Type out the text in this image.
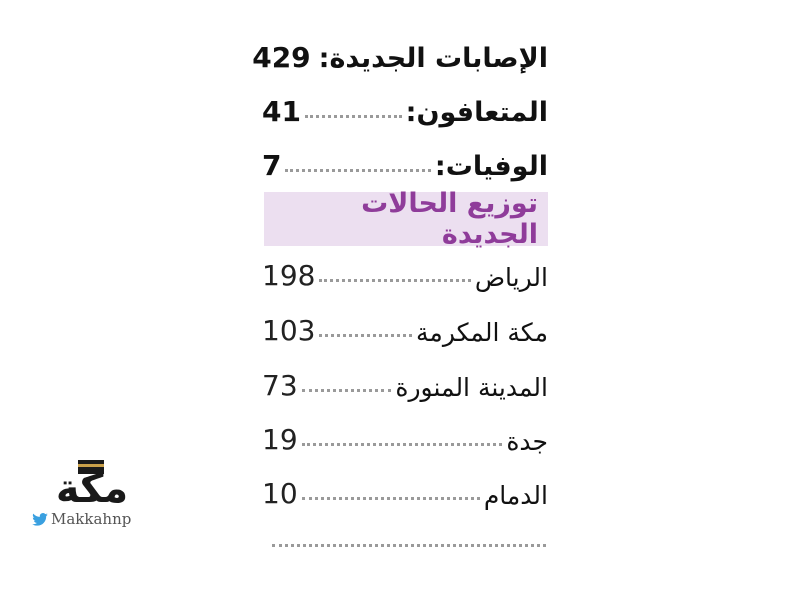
الإصابات الجديدة:
429
المتعافون:
41
الوفيات:
7
توزيع الحالات الجديدة
الرياض
198
مكة المكرمة
103
المدينة المنورة
73
جدة
19
الدمام
10
مكة
Makkahnp
